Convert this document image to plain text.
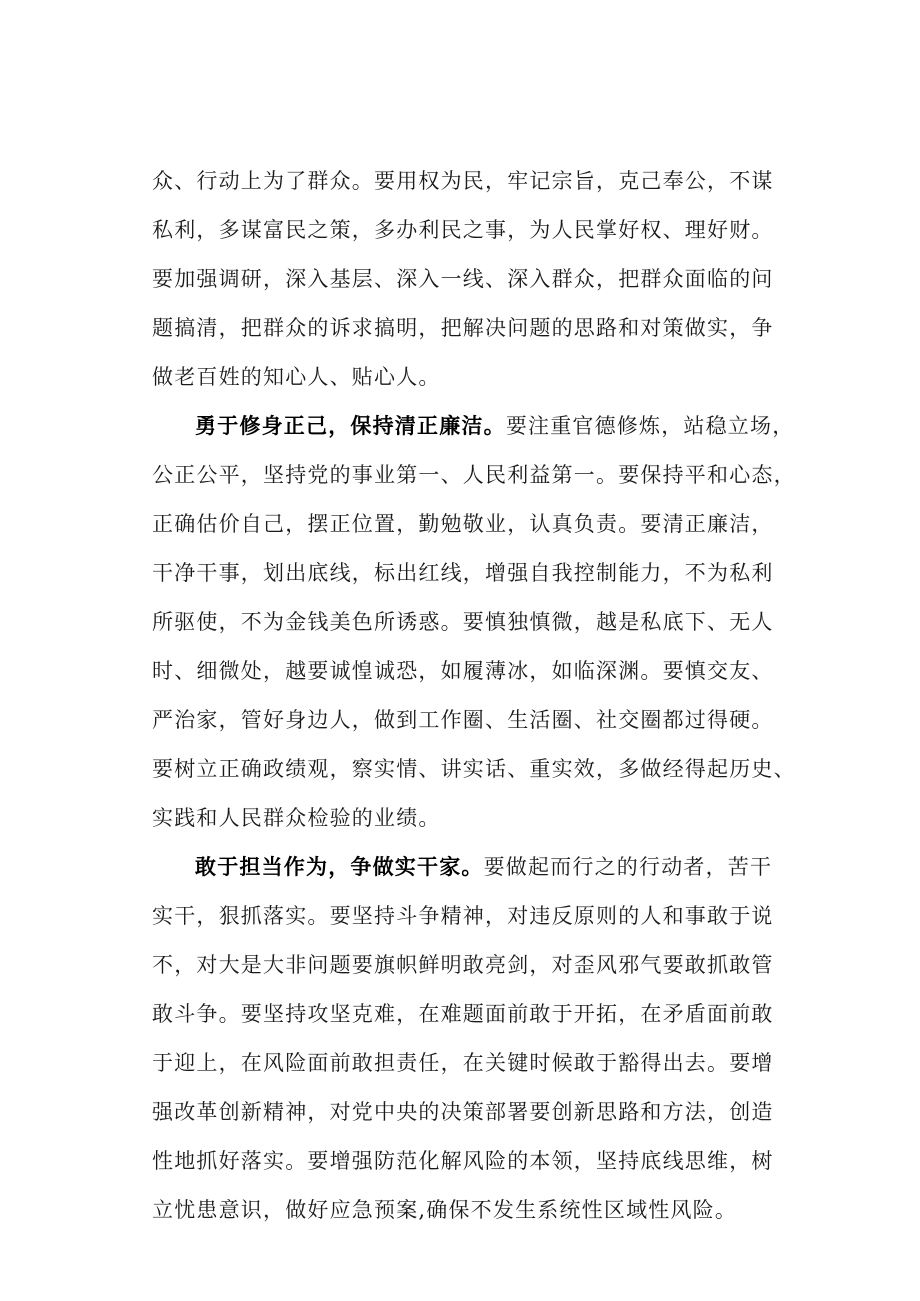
众、行动上为了群众。要用权为民，牢记宗旨，克己奉公，不谋
私利，多谋富民之策，多办利民之事，为人民掌好权、理好财。
要加强调研，深入基层、深入一线、深入群众，把群众面临的问
题搞清，把群众的诉求搞明，把解决问题的思路和对策做实，争
做老百姓的知心人、贴心人。
勇于修身正己，保持清正廉洁。要注重官德修炼，站稳立场，
公正公平，坚持党的事业第一、人民利益第一。要保持平和心态，
正确估价自己，摆正位置，勤勉敬业，认真负责。要清正廉洁，
干净干事，划出底线，标出红线，增强自我控制能力，不为私利
所驱使，不为金钱美色所诱惑。要慎独慎微，越是私底下、无人
时、细微处，越要诚惶诚恐，如履薄冰，如临深渊。要慎交友、
严治家，管好身边人，做到工作圈、生活圈、社交圈都过得硬。
要树立正确政绩观，察实情、讲实话、重实效，多做经得起历史、
实践和人民群众检验的业绩。
敢于担当作为，争做实干家。要做起而行之的行动者，苦干
实干，狠抓落实。要坚持斗争精神，对违反原则的人和事敢于说
不，对大是大非问题要旗帜鲜明敢亮剑，对歪风邪气要敢抓敢管
敢斗争。要坚持攻坚克难，在难题面前敢于开拓，在矛盾面前敢
于迎上，在风险面前敢担责任，在关键时候敢于豁得出去。要增
强改革创新精神，对党中央的决策部署要创新思路和方法，创造
性地抓好落实。要增强防范化解风险的本领，坚持底线思维，树
立忧患意识，做好应急预案,确保不发生系统性区域性风险。
